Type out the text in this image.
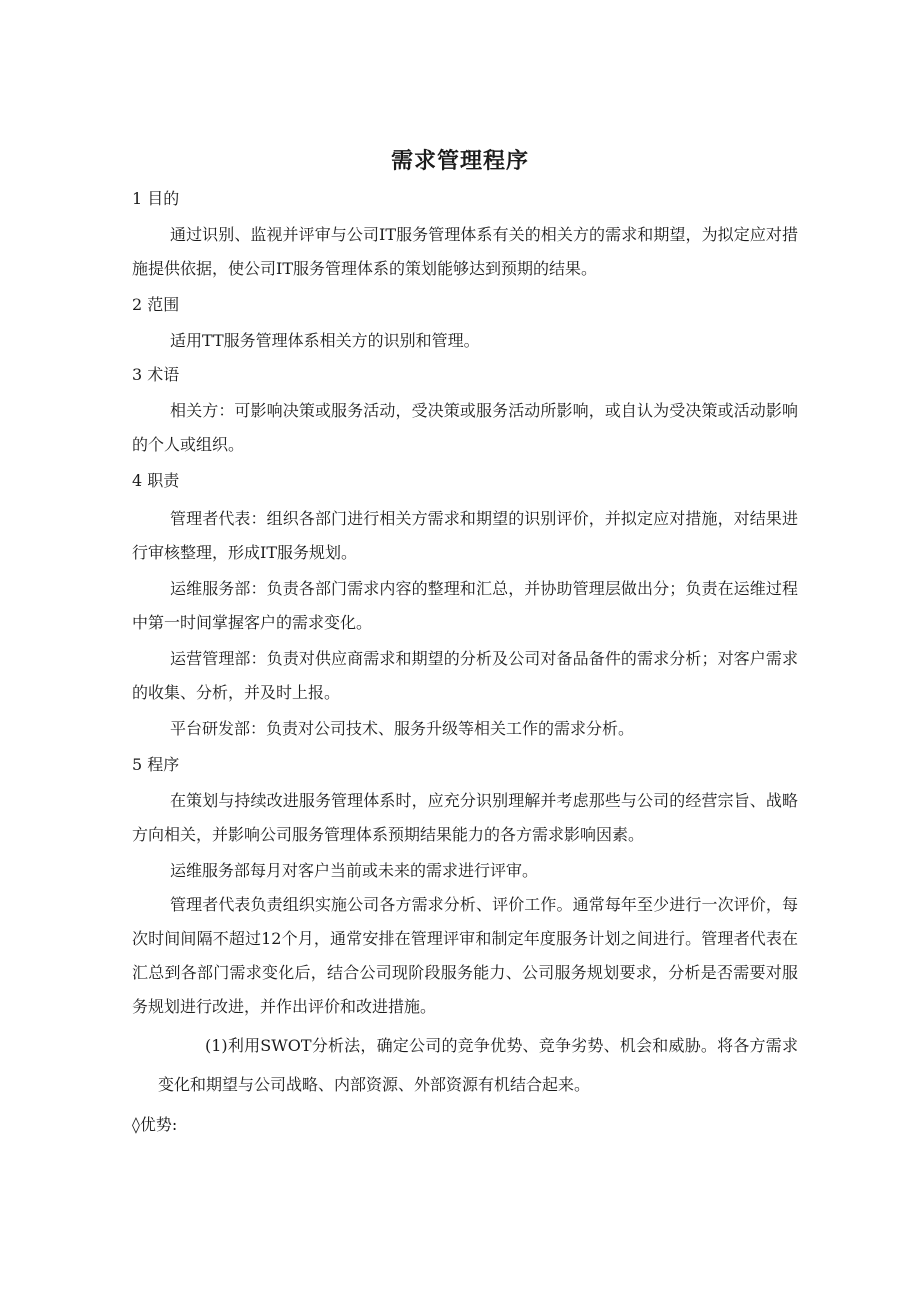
需求管理程序
1 目的
通过识别、监视并评审与公司IT服务管理体系有关的相关方的需求和期望，为拟定应对措施提供依据，使公司IT服务管理体系的策划能够达到预期的结果。
2 范围
适用TT服务管理体系相关方的识别和管理。
3 术语
相关方：可影响决策或服务活动，受决策或服务活动所影响，或自认为受决策或活动影响的个人或组织。
4 职责
管理者代表：组织各部门进行相关方需求和期望的识别评价，并拟定应对措施，对结果进行审核整理，形成IT服务规划。
运维服务部：负责各部门需求内容的整理和汇总，并协助管理层做出分；负责在运维过程中第一时间掌握客户的需求变化。
运营管理部：负责对供应商需求和期望的分析及公司对备品备件的需求分析；对客户需求的收集、分析，并及时上报。
平台研发部：负责对公司技术、服务升级等相关工作的需求分析。
5 程序
在策划与持续改进服务管理体系时，应充分识别理解并考虑那些与公司的经营宗旨、战略方向相关，并影响公司服务管理体系预期结果能力的各方需求影响因素。
运维服务部每月对客户当前或未来的需求进行评审。
管理者代表负责组织实施公司各方需求分析、评价工作。通常每年至少进行一次评价，每次时间间隔不超过12个月，通常安排在管理评审和制定年度服务计划之间进行。管理者代表在汇总到各部门需求变化后，结合公司现阶段服务能力、公司服务规划要求，分析是否需要对服务规划进行改进，并作出评价和改进措施。
(1)利用SWOT分析法，确定公司的竞争优势、竞争劣势、机会和威胁。将各方需求变化和期望与公司战略、内部资源、外部资源有机结合起来。
◊优势:
